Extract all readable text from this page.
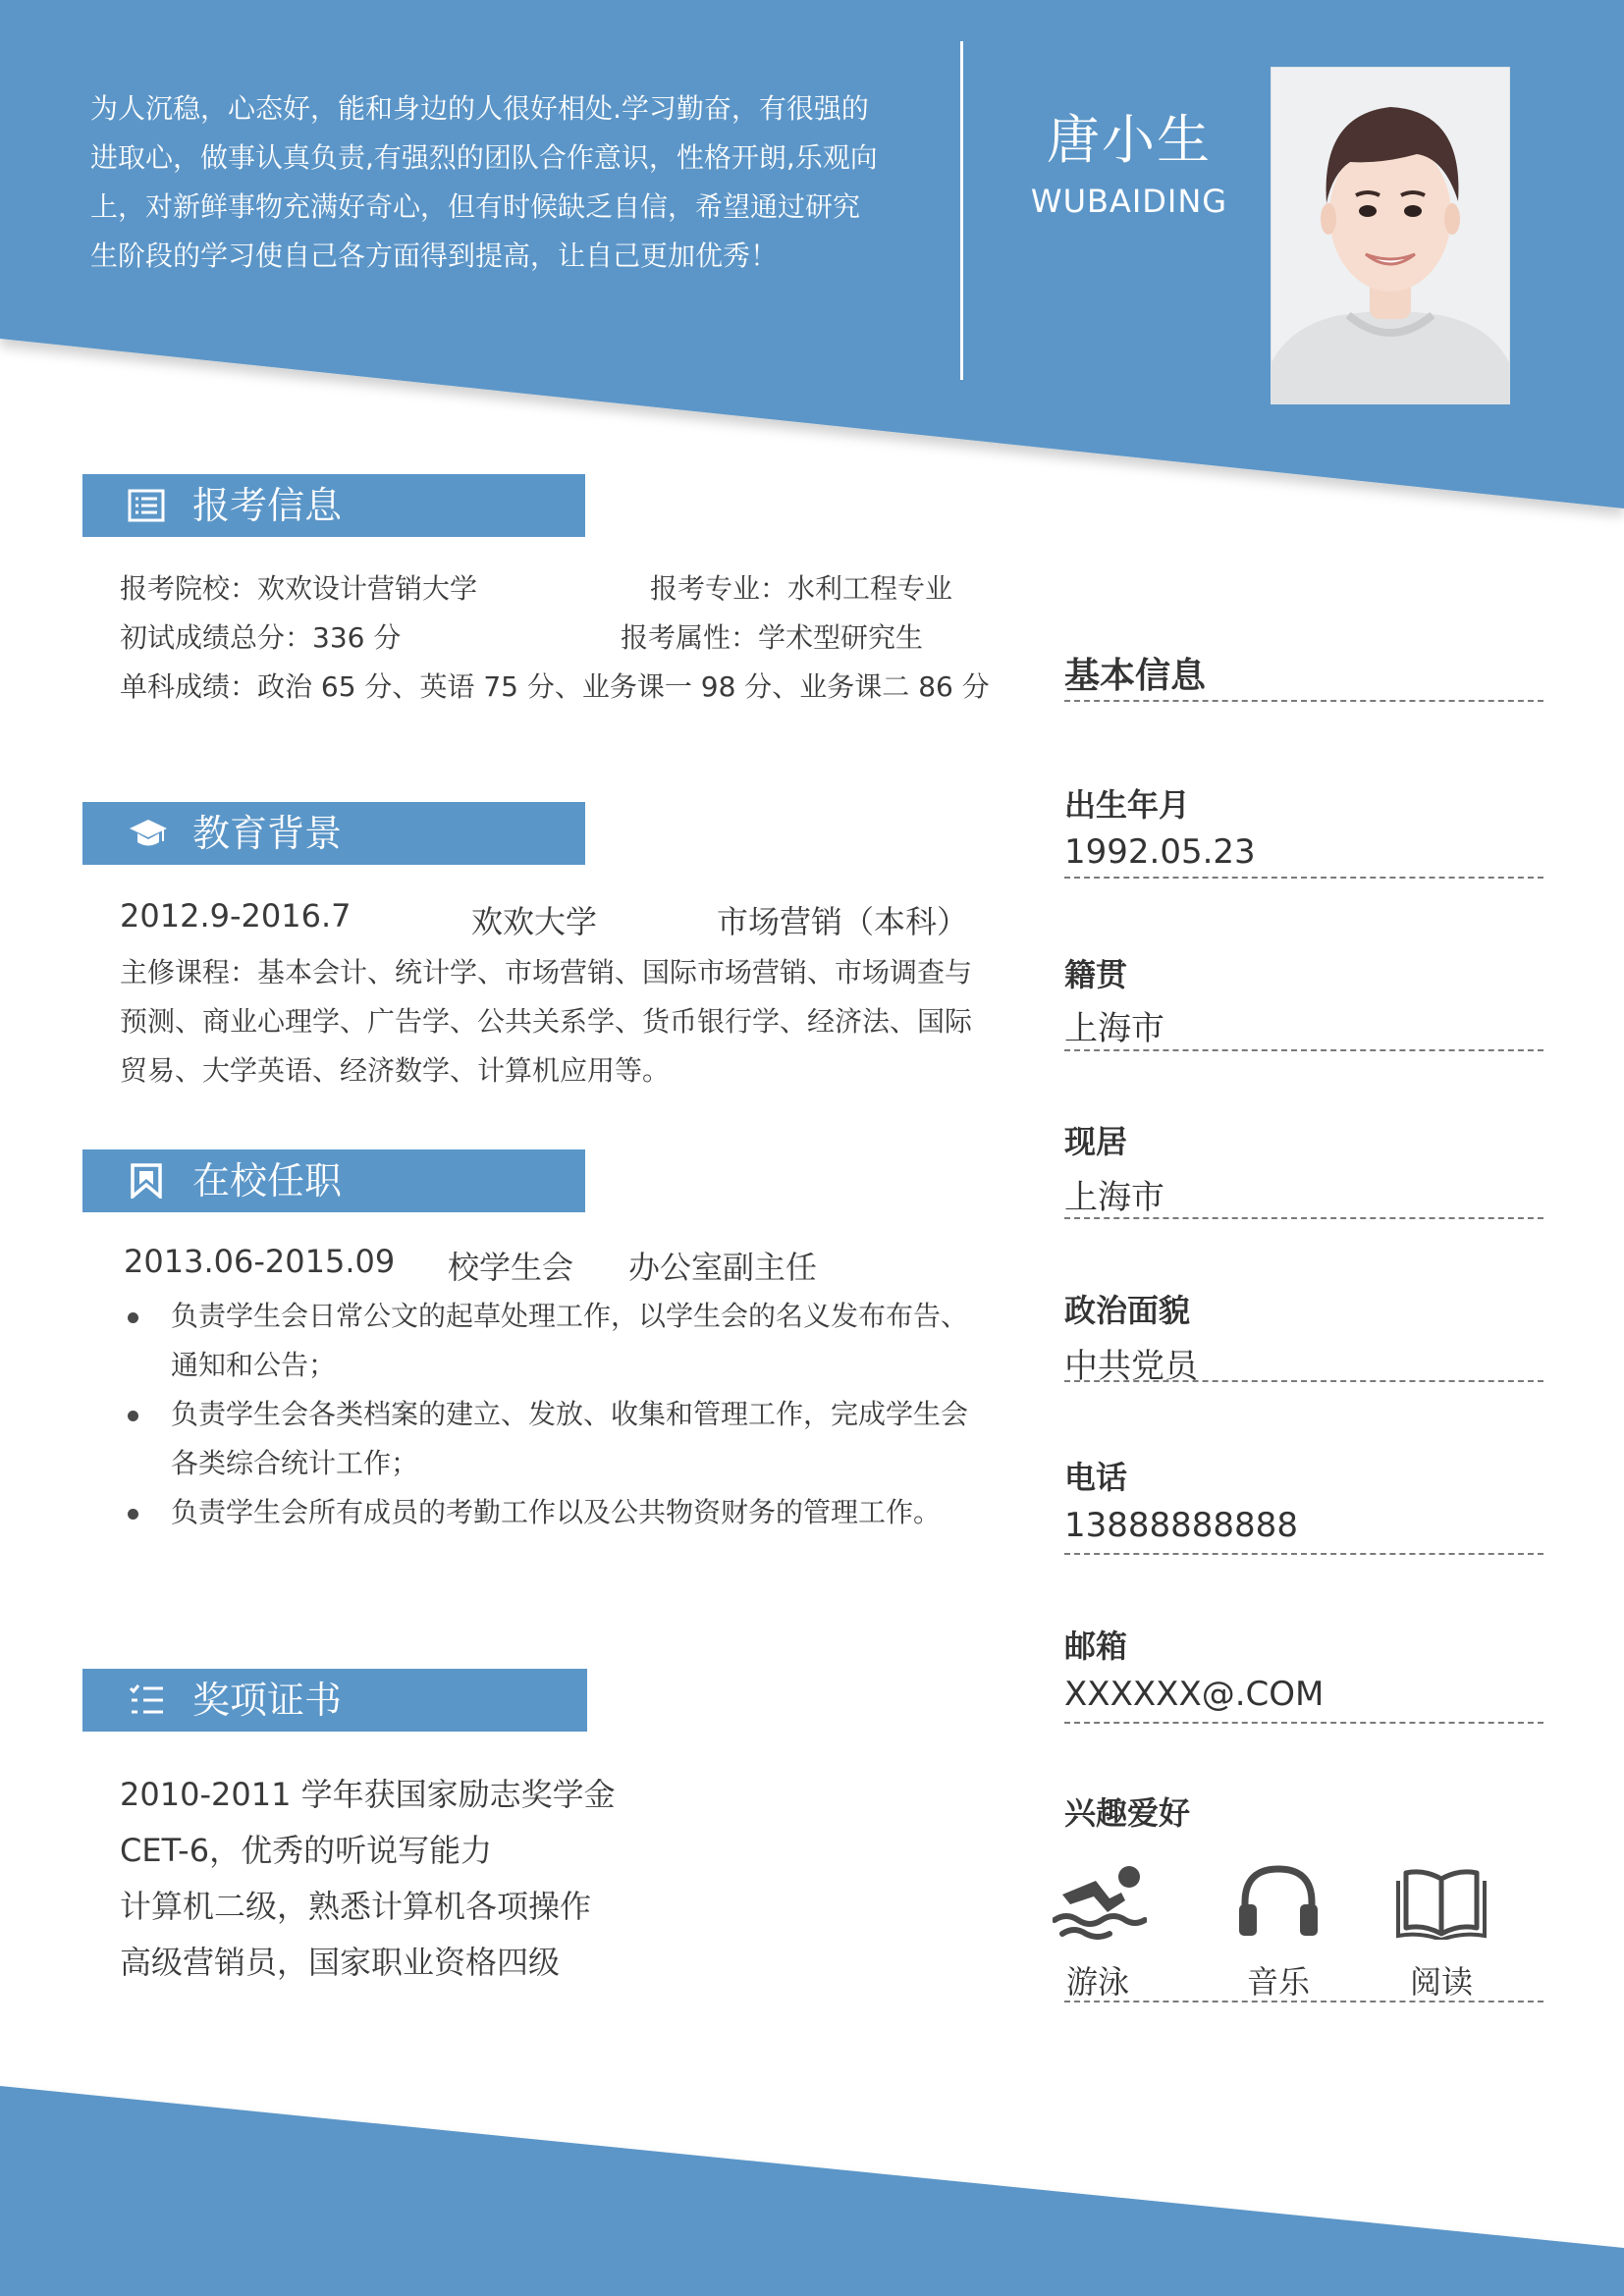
为人沉稳，心态好，能和身边的人很好相处.学习勤奋，有很强的
进取心，做事认真负责,有强烈的团队合作意识，性格开朗,乐观向
上，对新鲜事物充满好奇心，但有时候缺乏自信，希望通过研究
生阶段的学习使自己各方面得到提高，让自己更加优秀！
唐小生
WUBAIDING
报考信息
报考院校：欢欢设计营销大学	报考专业：水利工程专业
初试成绩总分：336 分	报考属性：学术型研究生
单科成绩：政治 65 分、英语 75 分、业务课一 98 分、业务课二 86 分
教育背景
2012.9-2016.7	欢欢大学	市场营销（本科）
主修课程：基本会计、统计学、市场营销、国际市场营销、市场调查与
预测、商业心理学、广告学、公共关系学、货币银行学、经济法、国际
贸易、大学英语、经济数学、计算机应用等。
在校任职
2013.06-2015.09 校学生会 办公室副主任
负责学生会日常公文的起草处理工作，以学生会的名义发布布告、
通知和公告；
负责学生会各类档案的建立、发放、收集和管理工作，完成学生会
各类综合统计工作；
负责学生会所有成员的考勤工作以及公共物资财务的管理工作。
奖项证书
2010-2011 学年获国家励志奖学金
CET-6，优秀的听说写能力
计算机二级，熟悉计算机各项操作
高级营销员，国家职业资格四级
基本信息
出生年月
1992.05.23
籍贯
上海市
现居
上海市
政治面貌
中共党员
电话
13888888888
邮箱
XXXXXX@.COM
兴趣爱好
游泳	音乐	阅读
